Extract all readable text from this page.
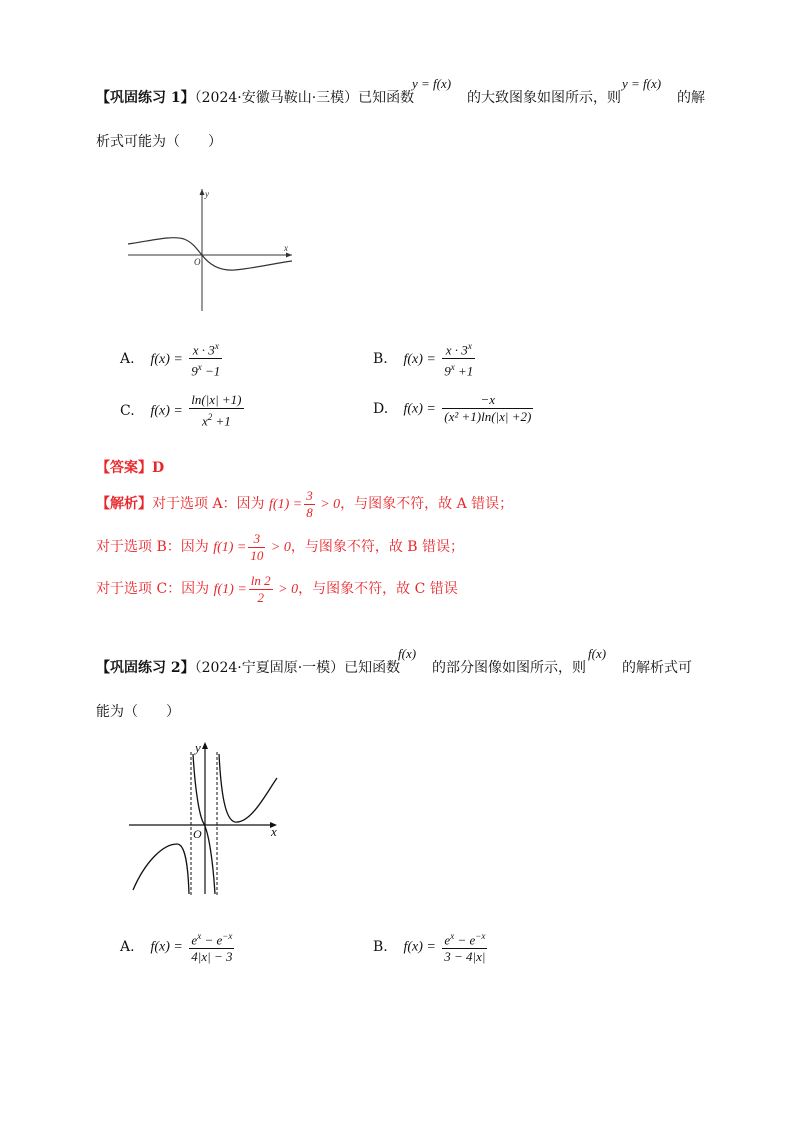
【巩固练习 1】（2024·安徽马鞍山·三模）已知函数
y = f(x)
的大致图象如图所示，则
y = f(x)
的解
析式可能为（　　）
x
y
O
A. $f(x) = \frac{x \cdot 3^x}{9^x -1}$	B. $f(x) = \frac{x \cdot 3^x}{9^x +1}$
C. $f(x) = \frac{\ln(|x| +1)}{x^2 +1}$	D. $f(x) = \frac{-x}{\text{(x² +1)ln(|x| +2)}}$
【答案】D
【解析】对于选项 A：因为 $f(1) = \frac{3}{8} > 0$，与图象不符，故 A 错误；
对于选项 B：因为 $f(1) = \frac{3}{10} > 0$，与图象不符，故 B 错误；
对于选项 C：因为 $f(1) = \frac{\ln 2}{2} > 0$，与图象不符，故 C 错误
【巩固练习 2】（2024·宁夏固原·一模）已知函数
f(x)
的部分图像如图所示，则
f(x)
的解析式可
能为（　　）
x
y
O
A. $f(x) = \frac{e^x - e^{-x}}{4|x| - 3}$	B. $f(x) = \frac{e^x - e^{-x}}{3 - 4|x|}$
